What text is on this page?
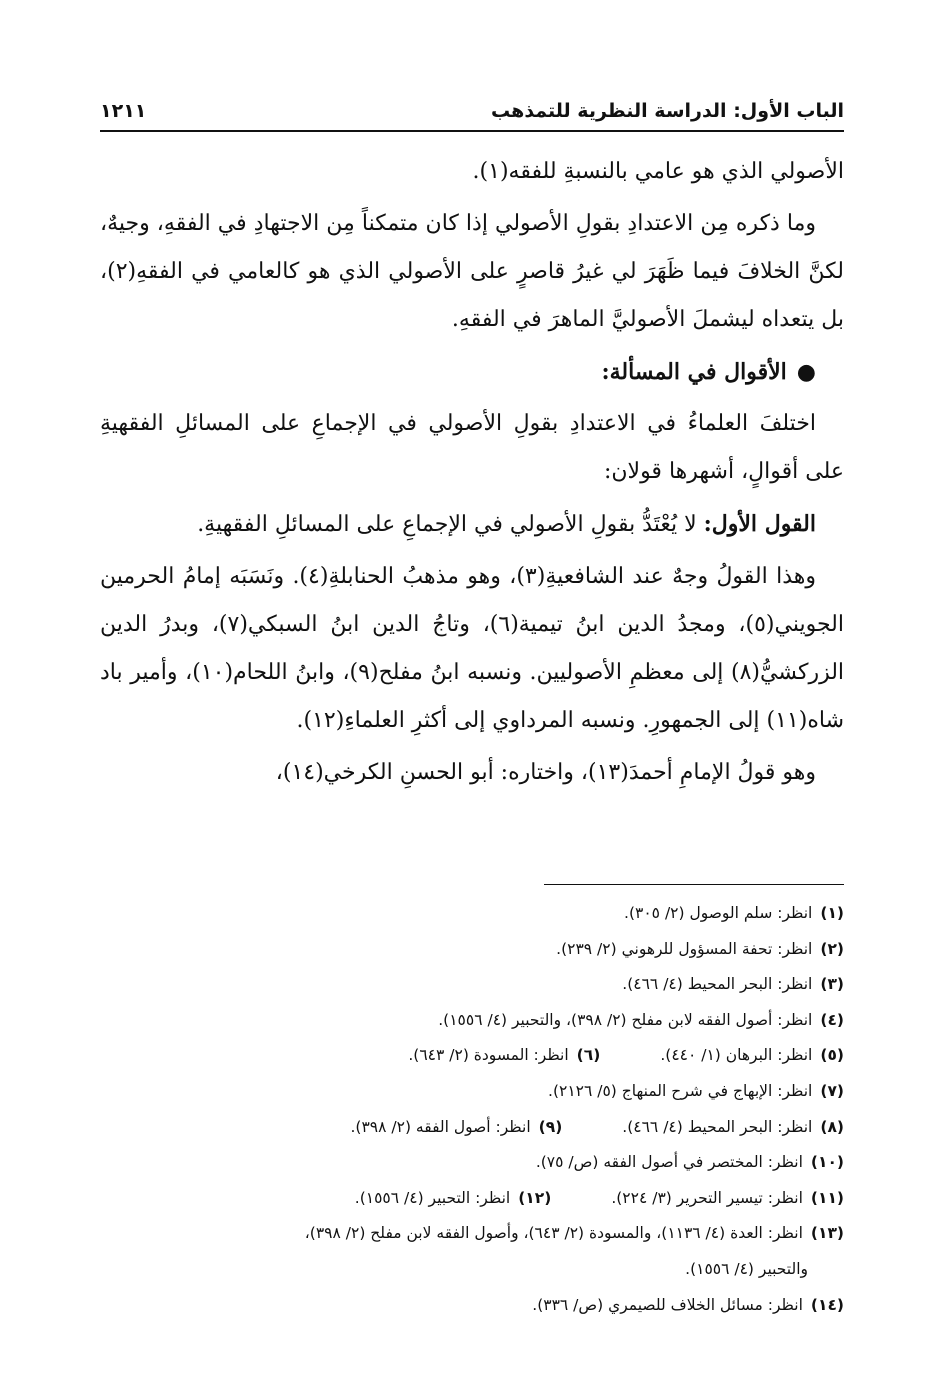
الباب الأول: الدراسة النظرية للتمذهب
١٢١١

الأصولي الذي هو عامي بالنسبةِ للفقه(١).

وما ذكره مِن الاعتدادِ بقولِ الأصولي إذا كان متمكناً مِن الاجتهادِ في الفقهِ، وجيهٌ، لكنَّ الخلافَ فيما ظَهَرَ لي غيرُ قاصرٍ على الأصولي الذي هو كالعامي في الفقهِ(٢)، بل يتعداه ليشملَ الأصوليَّ الماهرَ في الفقهِ.

●الأقوال في المسألة:

اختلفَ العلماءُ في الاعتدادِ بقولِ الأصولي في الإجماعِ على المسائلِ الفقهيةِ على أقوالٍ، أشهرها قولان:

القول الأول: لا يُعْتَدُّ بقولِ الأصولي في الإجماعِ على المسائلِ الفقهيةِ.

وهذا القولُ وجهٌ عند الشافعيةِ(٣)، وهو مذهبُ الحنابلةِ(٤). ونَسَبَه إمامُ الحرمين الجويني(٥)، ومجدُ الدين ابنُ تيمية(٦)، وتاجُ الدين ابنُ السبكي(٧)، وبدرُ الدين الزركشيُّ(٨) إلى معظمِ الأصوليين. ونسبه ابنُ مفلح(٩)، وابنُ اللحام(١٠)، وأمير باد شاه(١١) إلى الجمهورِ. ونسبه المرداوي إلى أكثرِ العلماءِ(١٢).

وهو قولُ الإمامِ أحمدَ(١٣)، واختاره: أبو الحسنِ الكرخي(١٤)،

(١)انظر: سلم الوصول (٢/ ٣٠٥).
(٢)انظر: تحفة المسؤول للرهوني (٢/ ٢٣٩).
(٣)انظر: البحر المحيط (٤/ ٤٦٦).
(٤)انظر: أصول الفقه لابن مفلح (٢/ ٣٩٨)، والتحبير (٤/ ١٥٥٦).
(٥)انظر: البرهان (١/ ٤٤٠).(٦)انظر: المسودة (٢/ ٦٤٣).
(٧)انظر: الإبهاج في شرح المنهاج (٥/ ٢١٢٦).
(٨)انظر: البحر المحيط (٤/ ٤٦٦).(٩)انظر: أصول الفقه (٢/ ٣٩٨).
(١٠)انظر: المختصر في أصول الفقه (ص/ ٧٥).
(١١)انظر: تيسير التحرير (٣/ ٢٢٤).(١٢)انظر: التحبير (٤/ ١٥٥٦).
(١٣)انظر: العدة (٤/ ١١٣٦)، والمسودة (٢/ ٦٤٣)، وأصول الفقه لابن مفلح (٢/ ٣٩٨)،
والتحبير (٤/ ١٥٥٦).
(١٤)انظر: مسائل الخلاف للصيمري (ص/ ٣٣٦).
